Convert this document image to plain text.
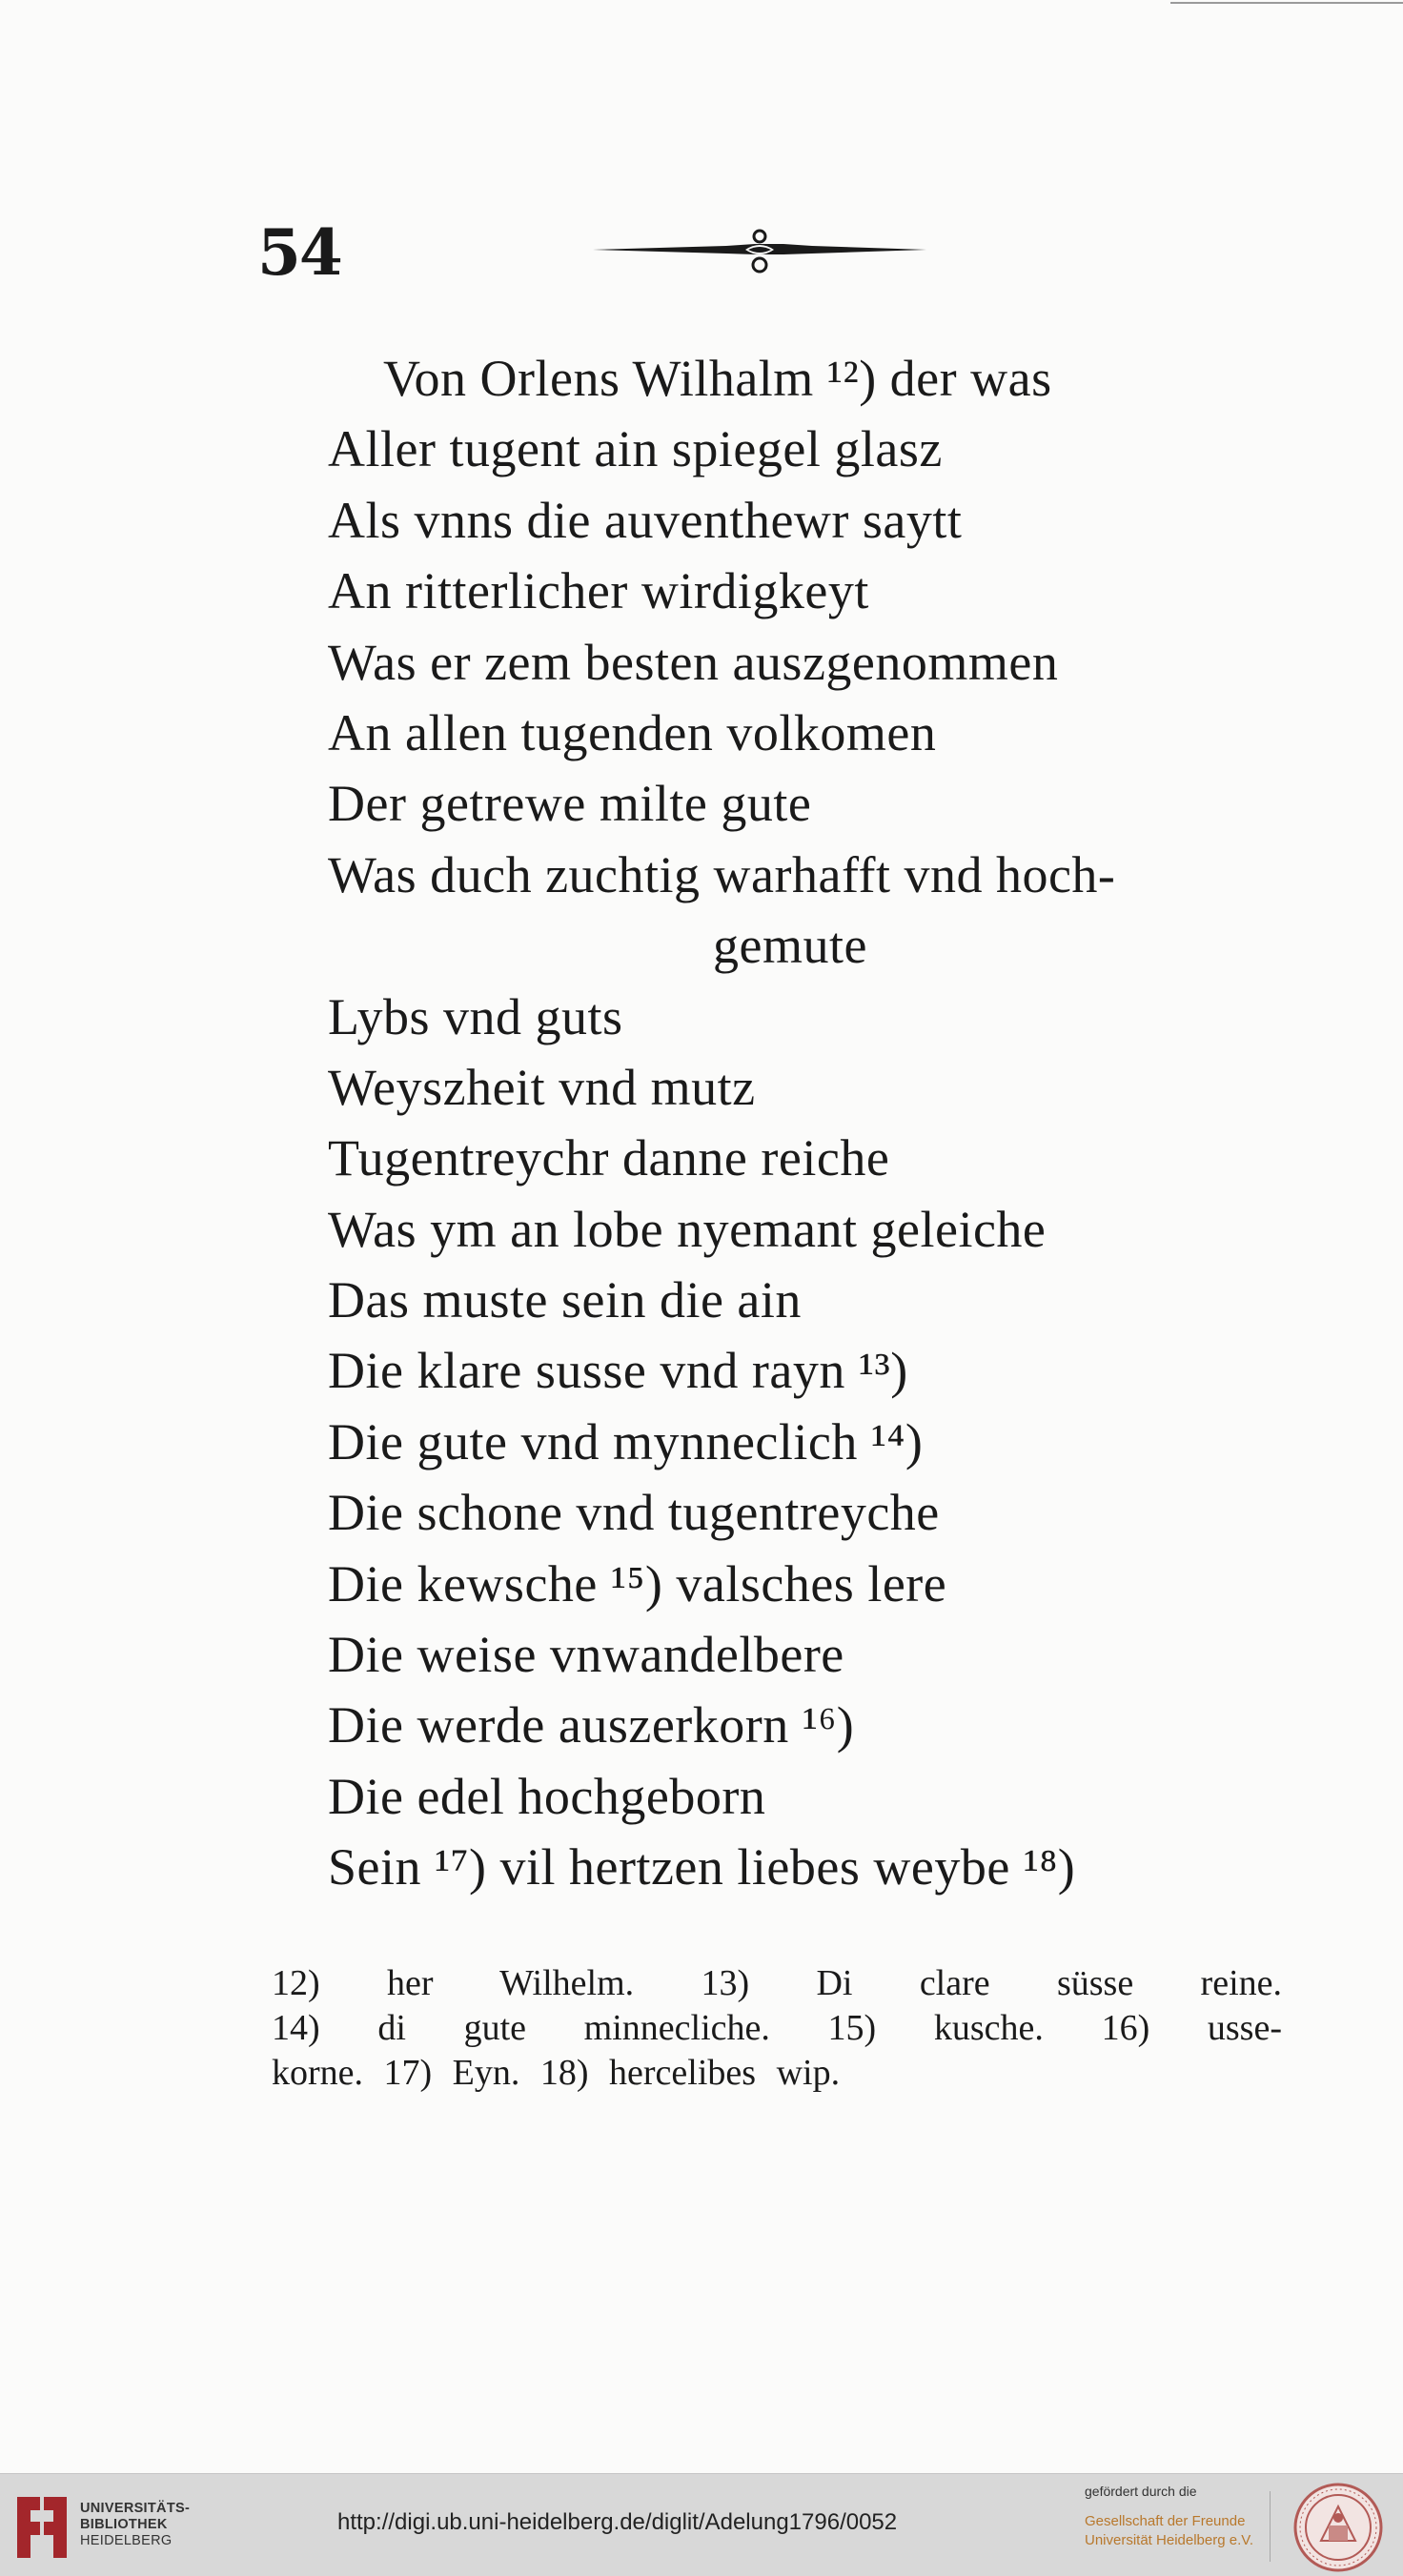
54
Von Orlens Wilhalm ¹²) der was
Aller tugent ain spiegel glasz
Als vnns die auventhewr saytt
An ritterlicher wirdigkeyt
Was er zem besten auszgenommen
An allen tugenden volkomen
Der getrewe milte gute
Was duch zuchtig warhafft vnd hoch-
gemute
Lybs vnd guts
Weyszheit vnd mutz
Tugentreychr danne reiche
Was ym an lobe nyemant geleiche
Das muste sein die ain
Die klare susse vnd rayn ¹³)
Die gute vnd mynneclich ¹⁴)
Die schone vnd tugentreyche
Die kewsche ¹⁵) valsches lere
Die weise vnwandelbere
Die werde auszerkorn ¹⁶)
Die edel hochgeborn
Sein ¹⁷) vil hertzen liebes weybe ¹⁸)
12) her Wilhelm. 13) Di clare süsse reine.
14) di gute minnecliche. 15) kusche. 16) usse-
korne. 17) Eyn. 18) hercelibes wip.
UNIVERSITÄTS-
BIBLIOTHEK
HEIDELBERG
http://digi.ub.uni-heidelberg.de/diglit/Adelung1796/0052
gefördert durch die
Gesellschaft der Freunde
Universität Heidelberg e.V.
